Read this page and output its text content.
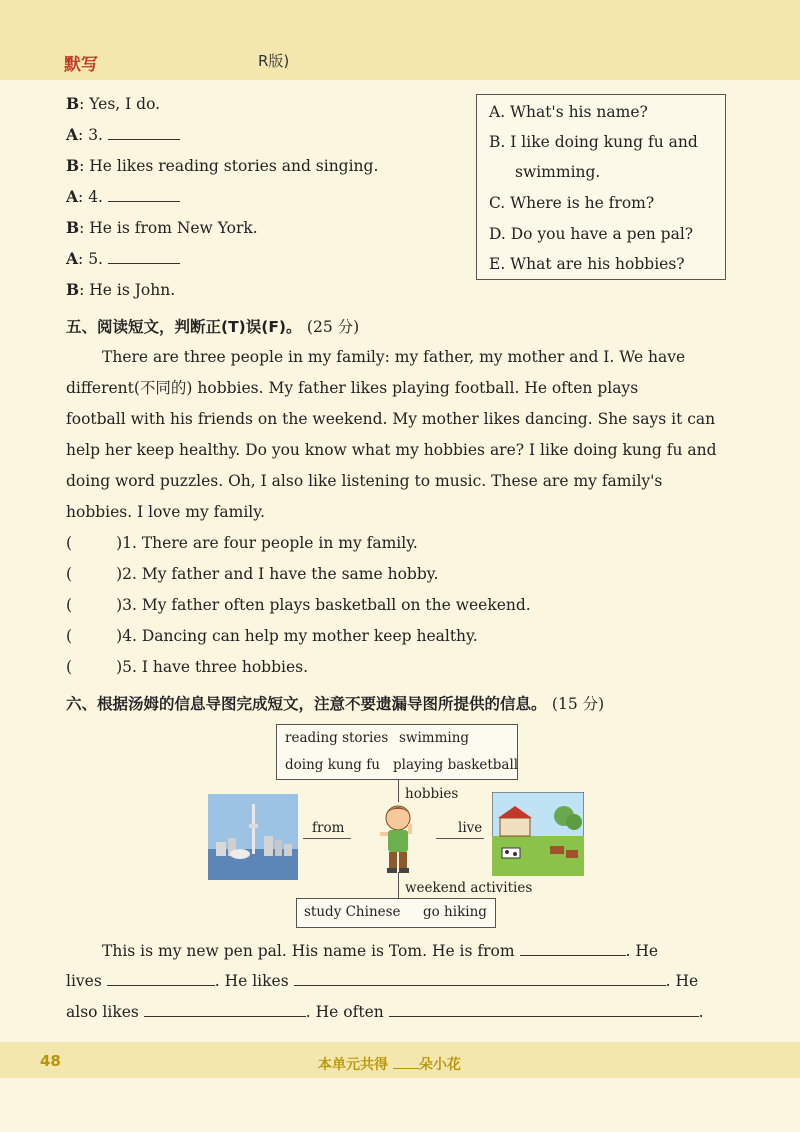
默写	R版)
B: Yes, I do.
A: 3.
B: He likes reading stories and singing.
A: 4.
B: He is from New York.
A: 5.
B: He is John.
A. What's his name?
B. I like doing kung fu and
swimming.
C. Where is he from?
D. Do you have a pen pal?
E. What are his hobbies?
五、阅读短文，判断正(T)误(F)。 (25 分)
There are three people in my family: my father, my mother and I. We have
different(不同的) hobbies. My father likes playing football. He often plays
football with his friends on the weekend. My mother likes dancing. She says it can
help her keep healthy. Do you know what my hobbies are? I like doing kung fu and
doing word puzzles. Oh, I also like listening to music. These are my family's
hobbies. I love my family.
(	)1. There are four people in my family.
(	)2. My father and I have the same hobby.
(	)3. My father often plays basketball on the weekend.
(	)4. Dancing can help my mother keep healthy.
(	)5. I have three hobbies.
六、根据汤姆的信息导图完成短文，注意不要遗漏导图所提供的信息。 (15 分)
reading stories swimming
doing kung fu playing basketball
hobbies
from	live
weekend activities
study Chinese go hiking
This is my new pen pal. His name is Tom. He is from	. He
lives	. He likes	. He
also likes	. He often	.
48	本单元共得 朵小花
